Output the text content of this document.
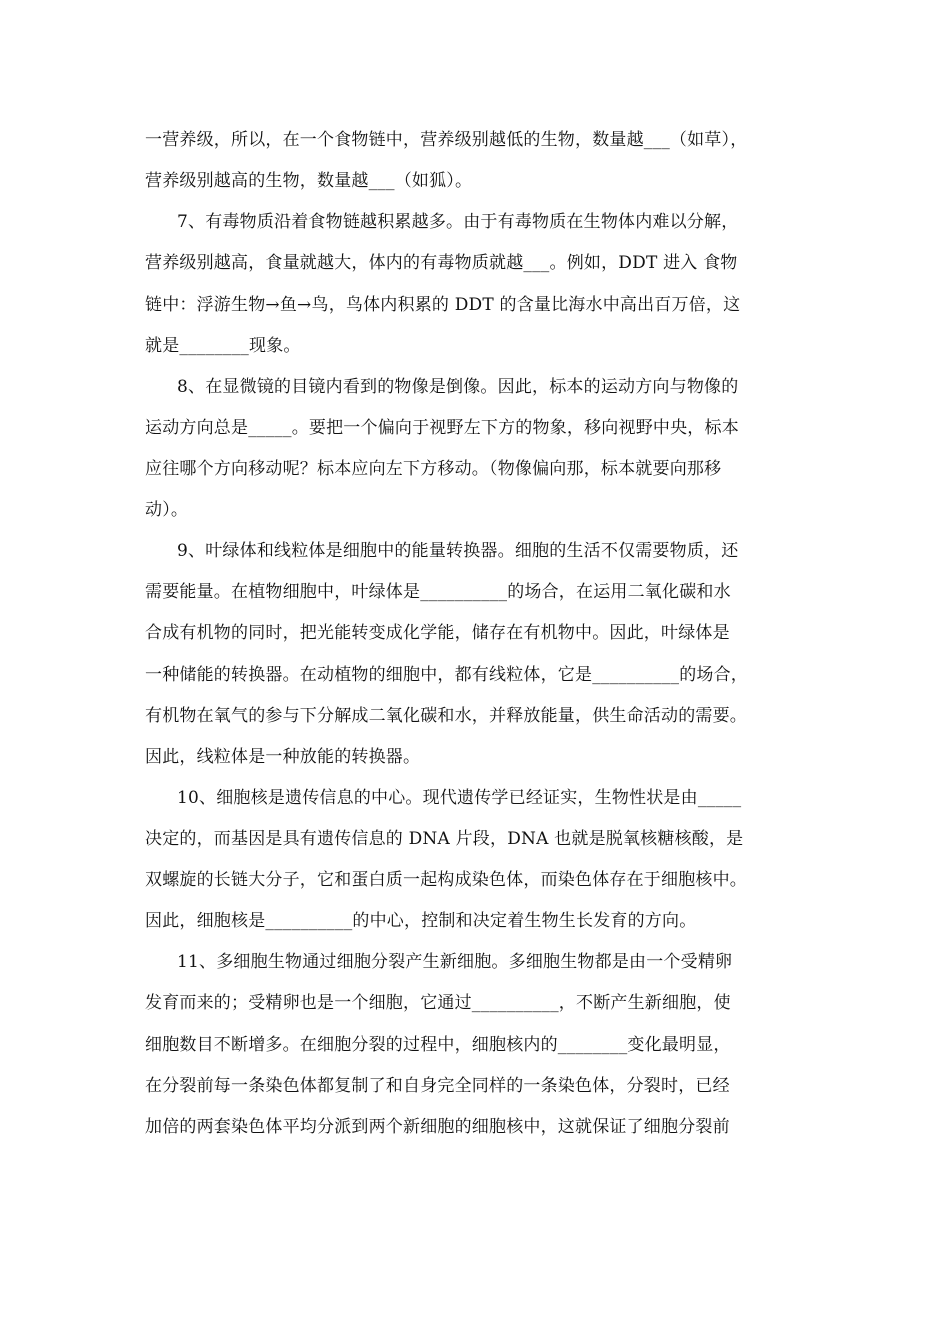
一营养级，所以，在一个食物链中，营养级别越低的生物，数量越___（如草），
营养级别越高的生物，数量越___（如狐）。
7、有毒物质沿着食物链越积累越多。由于有毒物质在生物体内难以分解，
营养级别越高，食量就越大，体内的有毒物质就越___。例如，DDT 进入 食物
链中：浮游生物→鱼→鸟，鸟体内积累的 DDT 的含量比海水中高出百万倍，这
就是________现象。
8、在显微镜的目镜内看到的物像是倒像。因此，标本的运动方向与物像的
运动方向总是_____。要把一个偏向于视野左下方的物象，移向视野中央，标本
应往哪个方向移动呢？标本应向左下方移动。（物像偏向那，标本就要向那移
动）。
9、叶绿体和线粒体是细胞中的能量转换器。细胞的生活不仅需要物质，还
需要能量。在植物细胞中，叶绿体是__________的场合，在运用二氧化碳和水
合成有机物的同时，把光能转变成化学能，储存在有机物中。因此，叶绿体是
一种储能的转换器。在动植物的细胞中，都有线粒体，它是__________的场合，
有机物在氧气的参与下分解成二氧化碳和水，并释放能量，供生命活动的需要。
因此，线粒体是一种放能的转换器。
10、细胞核是遗传信息的中心。现代遗传学已经证实，生物性状是由_____
决定的，而基因是具有遗传信息的 DNA 片段，DNA 也就是脱氧核糖核酸，是
双螺旋的长链大分子，它和蛋白质一起构成染色体，而染色体存在于细胞核中。
因此，细胞核是__________的中心，控制和决定着生物生长发育的方向。
11、多细胞生物通过细胞分裂产生新细胞。多细胞生物都是由一个受精卵
发育而来的；受精卵也是一个细胞，它通过__________，不断产生新细胞，使
细胞数目不断增多。在细胞分裂的过程中，细胞核内的________变化最明显，
在分裂前每一条染色体都复制了和自身完全同样的一条染色体，分裂时，已经
加倍的两套染色体平均分派到两个新细胞的细胞核中，这就保证了细胞分裂前
